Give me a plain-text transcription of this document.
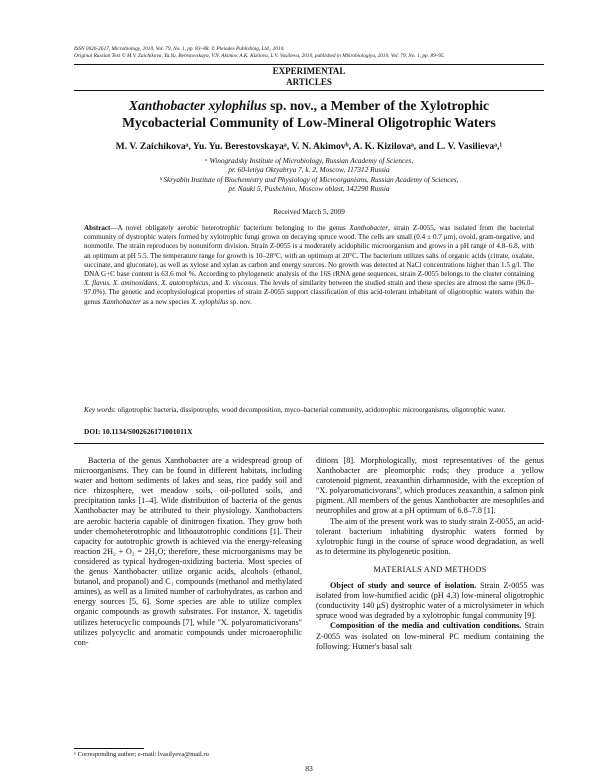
ISSN 0026-2617, Microbiology, 2010, Vol. 79, No. 1, pp. 83–88. © Pleiades Publishing, Ltd., 2010.
Original Russian Text © M.V. Zaichikova, Yu.Yu. Berestovskaya, V.N. Akimov, A.K. Kizilova, L.V. Vasilieva, 2010, published in Mikrobiologiya, 2010, Vol. 79, No. 1, pp. 89–95.
EXPERIMENTAL
ARTICLES
Xanthobacter xylophilus sp. nov., a Member of the Xylotrophic
Mycobacterial Community of Low-Mineral Oligotrophic Waters
M. V. Zaichikovaᵃ, Yu. Yu. Berestovskayaᵃ, V. N. Akimovᵇ, A. K. Kizilovaᵃ, and L. V. Vasilievaᵃ,¹
ᵃ Winogradsky Institute of Microbiology, Russian Academy of Sciences,
pr. 60-letiya Oktyabrya 7, k. 2, Moscow, 117312 Russia
ᵇ Skryabin Institute of Biochemistry and Physiology of Microorganisms, Russian Academy of Sciences,
pr. Nauki 5, Pushchino, Moscow oblast, 142290 Russia
Received March 5, 2009
Abstract—A novel obligately aerobic heterotrophic bacterium belonging to the genus Xanthobacter, strain Z-0055, was isolated from the bacterial community of dystrophic waters formed by xylotrophic fungi grown on decaying spruce wood. The cells are small (0.4 ± 0.7 μm), ovoid, gram-negative, and nonmotile. The strain reproduces by nonuniform division. Strain Z-0055 is a moderately acidophilic microorganism and grows in a pH range of 4.8–6.8, with an optimum at pH 5.5. The temperature range for growth is 10–28°C, with an optimum at 20°C. The bacterium utilizes salts of organic acids (citrate, oxalate, succinate, and gluconate), as well as xylose and xylan as carbon and energy sources. No growth was detected at NaCl concentrations higher than 1.5 g/l. The DNA G+C base content is 63.6 mol %. According to phylogenetic analysis of the 16S rRNA gene sequences, strain Z-0055 belongs to the cluster containing X. flavus, X. aminoxidans, X. autotrophicus, and X. viscosus. The levels of similarity between the studied strain and these species are almost the same (96.0–97.0%). The genetic and ecophysiological properties of strain Z-0055 support classification of this acid-tolerant inhabitant of oligotrophic waters within the genus Xanthobacter as a new species X. xylophilus sp. nov.
Key words: oligotrophic bacteria, dissipotrophs, wood decomposition, myco–bacterial community, acidotrophic microorganisms, oligotrophic water.
DOI: 10.1134/S002626171001011X

Bacteria of the genus Xanthobacter are a widespread group of microorganisms. They can be found in different habitats, including water and bottom sediments of lakes and seas, rice paddy soil and rice rhizosphere, wet meadow soils, oil-polluted soils, and precipitation tanks [1–4]. Wide distribution of bacteria of the genus Xanthobacter may be attributed to their physiology. Xanthobacters are aerobic bacteria capable of dinitrogen fixation. They grow both under chemoheterotrophic and lithoautotrophic conditions [1]. Their capacity for autotrophic growth is achieved via the energy-releasing reaction 2H₂ + O₂ = 2H₂O; therefore, these microorganisms may be considered as typical hydrogen-oxidizing bacteria. Most species of the genus Xanthobacter utilize organic acids, alcohols (ethanol, butanol, and propanol) and C₁ compounds (methanol and methylated amines), as well as a limited number of carbohydrates, as carbon and energy sources [5, 6]. Some species are able to utilize complex organic compounds as growth substrates. For instance, X. tagetidis utilizes heterocyclic compounds [7], while "X. polyaromaticivorans" utilizes polycyclic and aromatic compounds under microaerophilic con-

ditions [8]. Morphologically, most representatives of the genus Xanthobacter are pleomorphic rods; they produce a yellow carotenoid pigment, zeaxanthin dirhamnoside, with the exception of "X. polyaromaticivorans", which produces zeaxanthin, a salmon pink pigment. All members of the genus Xanthobacter are mesophiles and neutrophiles and grow at a pH optimum of 6.8–7.8 [1].

The aim of the present work was to study strain Z-0055, an acid-tolerant bacterium inhabiting dystrophic waters formed by xylotrophic fungi in the course of spruce wood degradation, as well as to determine its phylogenetic position.

MATERIALS AND METHODS

Object of study and source of isolation. Strain Z-0055 was isolated from low-humified acidic (pH 4.3) low-mineral oligotrophic (conductivity 140 μS) dystrophic water of a microlysimeter in which spruce wood was degraded by a xylotrophic fungal community [9].

Composition of the media and cultivation conditions. Strain Z-0055 was isolated on low-mineral PC medium containing the following: Hutner's basal salt

¹ Corresponding author; e-mail: lvasilyeva@mail.ru
83
